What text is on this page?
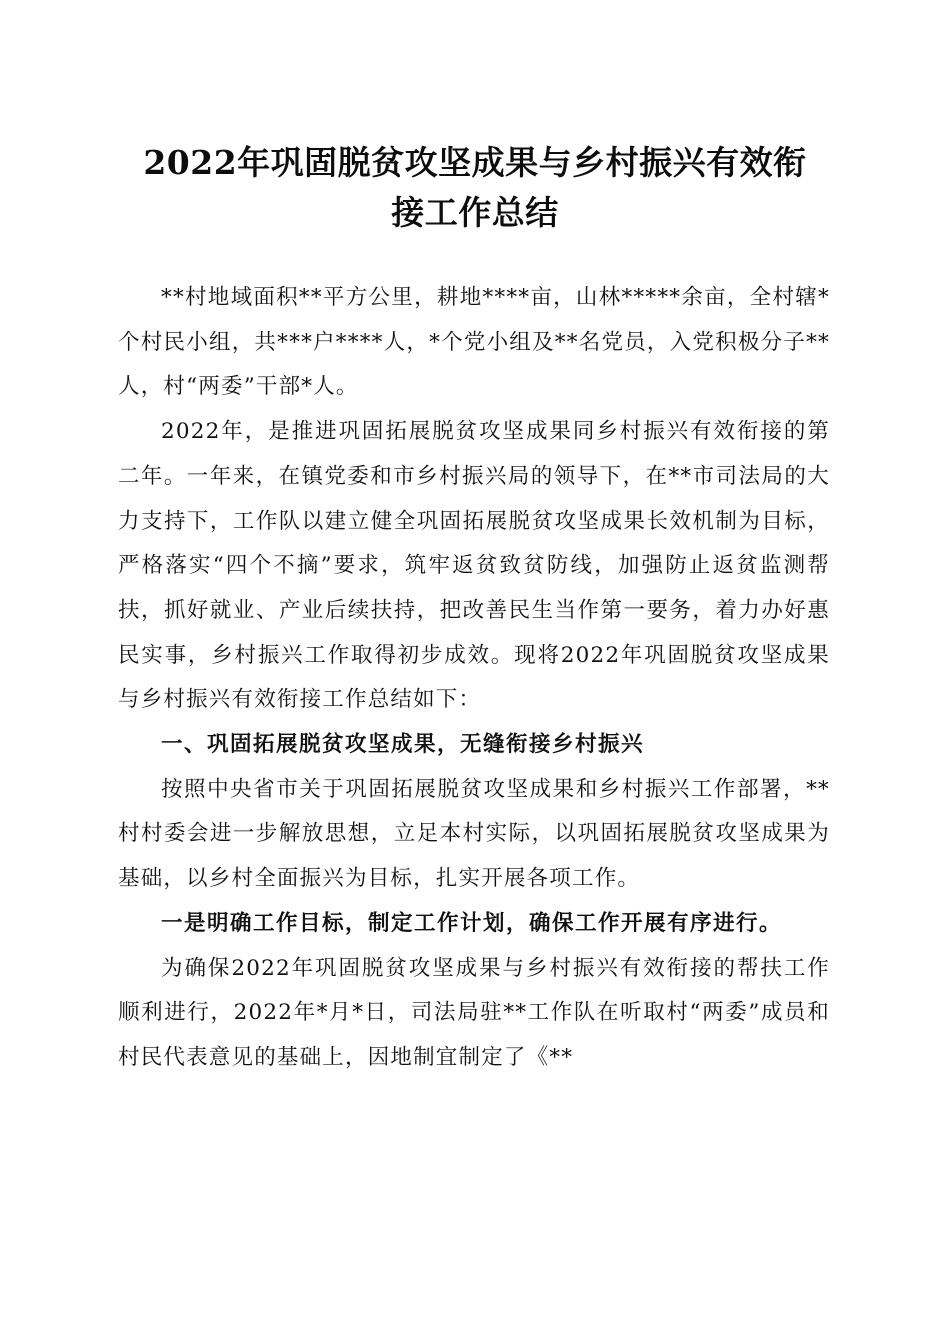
2022年巩固脱贫攻坚成果与乡村振兴有效衔
接工作总结

**村地域面积**平方公里，耕地****亩，山林*****余亩，全村辖*个村民小组，共***户****人，*个党小组及**名党员，入党积极分子**人，村“两委”干部*人。

2022年，是推进巩固拓展脱贫攻坚成果同乡村振兴有效衔接的第二年。一年来，在镇党委和市乡村振兴局的领导下，在**市司法局的大力支持下，工作队以建立健全巩固拓展脱贫攻坚成果长效机制为目标，严格落实“四个不摘”要求，筑牢返贫致贫防线，加强防止返贫监测帮扶，抓好就业、产业后续扶持，把改善民生当作第一要务，着力办好惠民实事，乡村振兴工作取得初步成效。现将2022年巩固脱贫攻坚成果与乡村振兴有效衔接工作总结如下：

一、巩固拓展脱贫攻坚成果，无缝衔接乡村振兴

按照中央省市关于巩固拓展脱贫攻坚成果和乡村振兴工作部署，**村村委会进一步解放思想，立足本村实际，以巩固拓展脱贫攻坚成果为基础，以乡村全面振兴为目标，扎实开展各项工作。

一是明确工作目标，制定工作计划，确保工作开展有序进行。

为确保2022年巩固脱贫攻坚成果与乡村振兴有效衔接的帮扶工作顺利进行，2022年*月*日，司法局驻**工作队在听取村“两委”成员和村民代表意见的基础上，因地制宜制定了《**
